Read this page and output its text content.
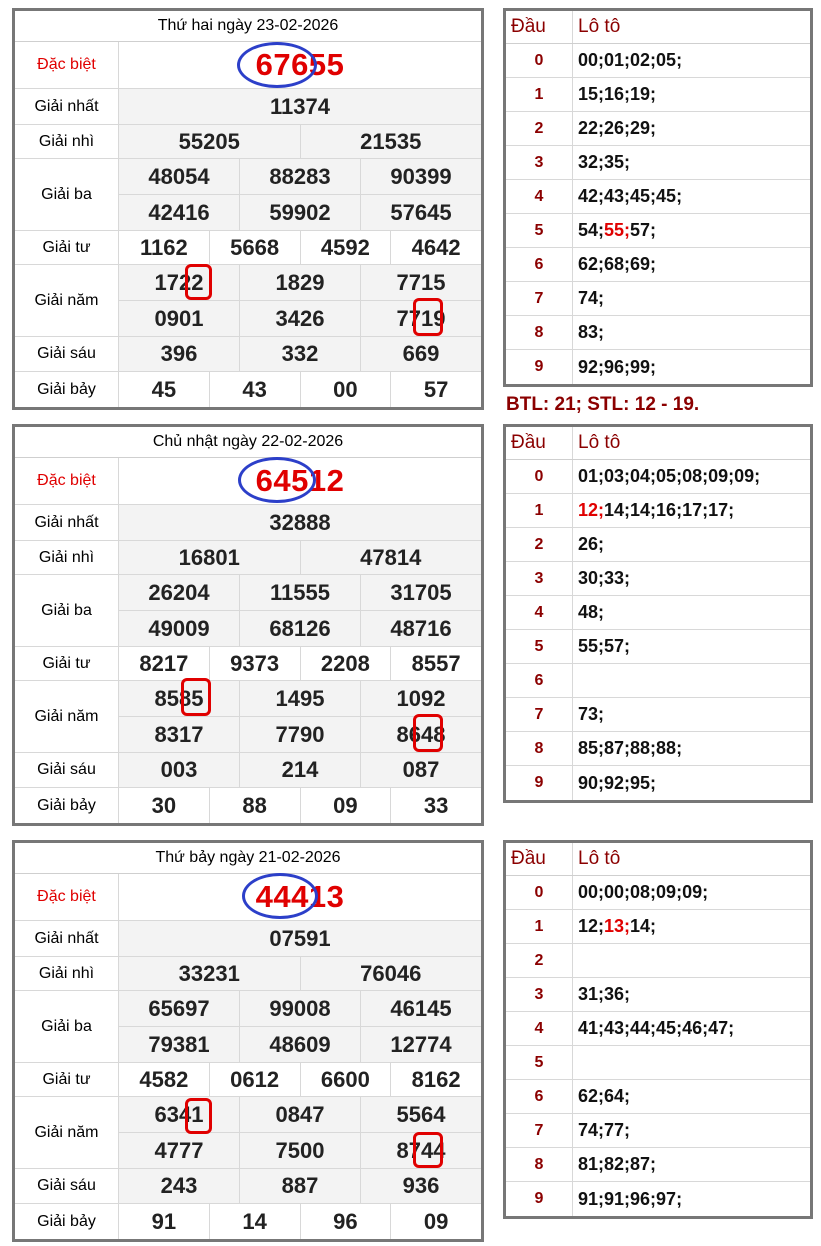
Thứ hai ngày 23-02-2026
Đặc biệt	67655
Giải nhất	11374
Giải nhì	55205	21535
Giải ba
48054	88283	90399
42416	59902	57645
Giải tư	1162	5668	4592	4642
Giải năm
1722	1829	7715
0901	3426	7719
Giải sáu	396	332	669
Giải bảy	45	43	00	57
Đầu	Lô tô
0	00; 01; 02; 05;
1	15; 16; 19;
2	22; 26; 29;
3	32; 35;
4	42; 43; 45; 45;
5	54; 55; 57;
6	62; 68; 69;
7	74;
8	83;
9	92; 96; 99;
BTL: 21; STL: 12 - 19.
Chủ nhật ngày 22-02-2026
Đặc biệt	64512
Giải nhất	32888
Giải nhì	16801	47814
Giải ba
26204	11555	31705
49009	68126	48716
Giải tư	8217	9373	2208	8557
Giải năm
8585	1495	1092
8317	7790	8648
Giải sáu	003	214	087
Giải bảy	30	88	09	33
Đầu	Lô tô
0	01; 03; 04; 05; 08; 09; 09;
1	12; 14; 14; 16; 17; 17;
2	26;
3	30; 33;
4	48;
5	55; 57;
6
7	73;
8	85; 87; 88; 88;
9	90; 92; 95;
Thứ bảy ngày 21-02-2026
Đặc biệt	44413
Giải nhất	07591
Giải nhì	33231	76046
Giải ba
65697	99008	46145
79381	48609	12774
Giải tư	4582	0612	6600	8162
Giải năm
6341	0847	5564
4777	7500	8744
Giải sáu	243	887	936
Giải bảy	91	14	96	09
Đầu	Lô tô
0	00; 00; 08; 09; 09;
1	12; 13; 14;
2
3	31; 36;
4	41; 43; 44; 45; 46; 47;
5
6	62; 64;
7	74; 77;
8	81; 82; 87;
9	91; 91; 96; 97;
